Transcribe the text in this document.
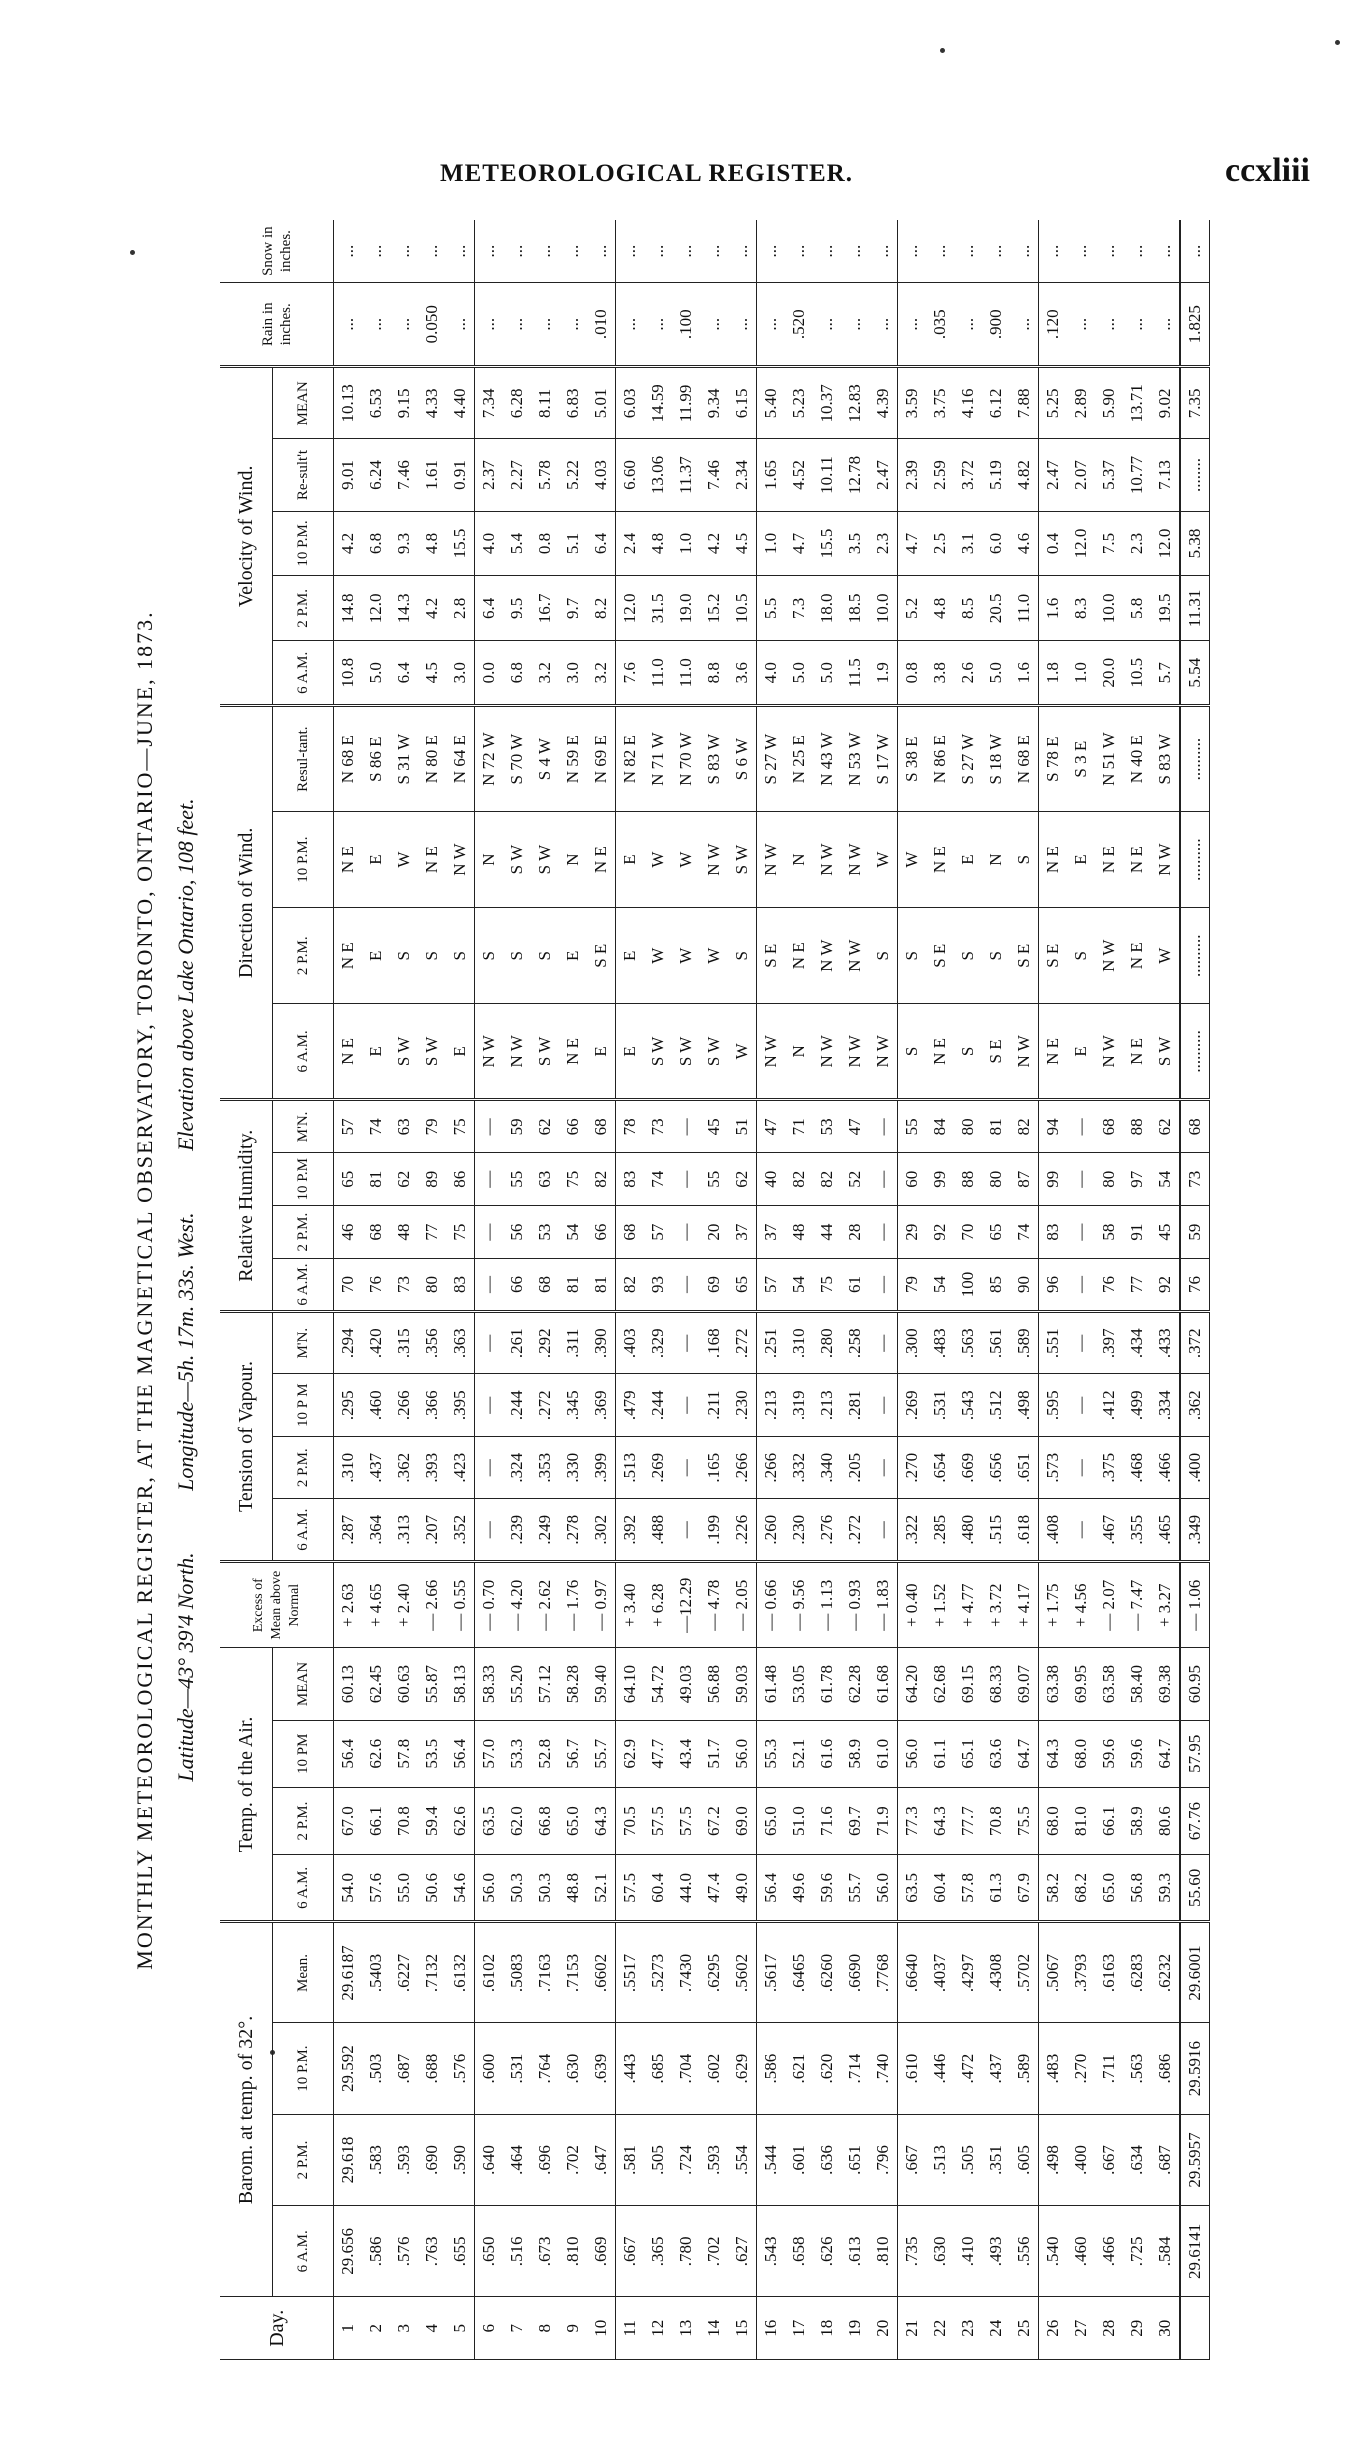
METEOROLOGICAL REGISTER.	ccxliii
MONTHLY METEOROLOGICAL REGISTER, AT THE MAGNETICAL OBSERVATORY, TORONTO, ONTARIO—JUNE, 1873. Latitude—43° 39'4 North. Longitude—5h. 17m. 33s. West. Elevation above Lake Ontario, 108 feet.
Day.	Barom. at temp. of 32°.				Temp. of the Air.				Excess of Mean above Normal	Tension of Vapour.				Relative Humidity.				Direction of Wind.				Velocity of Wind.					Rain in inches.	Snow in inches.
	6 A.M.	2 P.M.	10 P.M.	Mean.	6 A.M.	2 P.M.	10 PM	MEAN		6 A.M.	2 P.M.	10 P M	M'N.	6 A.M.	2 P.M.	10 P.M	M'N.	6 A.M.	2 P.M.	10 P.M.	Resul-tant.	6 A.M.	2 P.M.	10 P.M.	Re-sult't	MEAN		
1	29.656	29.618	29.592	29.6187	54.0	67.0	56.4	60.13	+ 2.63	.287	.310	.295	.294	70	46	65	57	N E	N E	N E	N 68 E	10.8	14.8	4.2	9.01	10.13	...	...
2	.586	.583	.503	.5403	57.6	66.1	62.6	62.45	+ 4.65	.364	.437	.460	.420	76	68	81	74	E	E	E	S 86 E	5.0	12.0	6.8	6.24	6.53	...	...
3	.576	.593	.687	.6227	55.0	70.8	57.8	60.63	+ 2.40	.313	.362	.266	.315	73	48	62	63	S W	S	W	S 31 W	6.4	14.3	9.3	7.46	9.15	...	...
4	.763	.690	.688	.7132	50.6	59.4	53.5	55.87	— 2.66	.207	.393	.366	.356	80	77	89	79	S W	S	N E	N 80 E	4.5	4.2	4.8	1.61	4.33	0.050	...
5	.655	.590	.576	.6132	54.6	62.6	56.4	58.13	— 0.55	.352	.423	.395	.363	83	75	86	75	E	S	N W	N 64 E	3.0	2.8	15.5	0.91	4.40	...	...
6	.650	.640	.600	.6102	56.0	63.5	57.0	58.33	— 0.70	—	—	—	—	—	—	—	—	N W	S	N	N 72 W	0.0	6.4	4.0	2.37	7.34	...	...
7	.516	.464	.531	.5083	50.3	62.0	53.3	55.20	— 4.20	.239	.324	.244	.261	66	56	55	59	N W	S	S W	S 70 W	6.8	9.5	5.4	2.27	6.28	...	...
8	.673	.696	.764	.7163	50.3	66.8	52.8	57.12	— 2.62	.249	.353	.272	.292	68	53	63	62	S W	S	S W	S 4 W	3.2	16.7	0.8	5.78	8.11	...	...
9	.810	.702	.630	.7153	48.8	65.0	56.7	58.28	— 1.76	.278	.330	.345	.311	81	54	75	66	N E	E	N	N 59 E	3.0	9.7	5.1	5.22	6.83	...	...
10	.669	.647	.639	.6602	52.1	64.3	55.7	59.40	— 0.97	.302	.399	.369	.390	81	66	82	68	E	S E	N E	N 69 E	3.2	8.2	6.4	4.03	5.01	.010	...
11	.667	.581	.443	.5517	57.5	70.5	62.9	64.10	+ 3.40	.392	.513	.479	.403	82	68	83	78	E	E	E	N 82 E	7.6	12.0	2.4	6.60	6.03	...	...
12	.365	.505	.685	.5273	60.4	57.5	47.7	54.72	+ 6.28	.488	.269	.244	.329	93	57	74	73	S W	W	W	N 71 W	11.0	31.5	4.8	13.06	14.59	...	...
13	.780	.724	.704	.7430	44.0	57.5	43.4	49.03	—12.29	—	—	—	—	—	—	—	—	S W	W	W	N 70 W	11.0	19.0	1.0	11.37	11.99	.100	...
14	.702	.593	.602	.6295	47.4	67.2	51.7	56.88	— 4.78	.199	.165	.211	.168	69	20	55	45	S W	W	N W	S 83 W	8.8	15.2	4.2	7.46	9.34	...	...
15	.627	.554	.629	.5602	49.0	69.0	56.0	59.03	— 2.05	.226	.266	.230	.272	65	37	62	51	W	S	S W	S 6 W	3.6	10.5	4.5	2.34	6.15	...	...
16	.543	.544	.586	.5617	56.4	65.0	55.3	61.48	— 0.66	.260	.266	.213	.251	57	37	40	47	N W	S E	N W	S 27 W	4.0	5.5	1.0	1.65	5.40	...	...
17	.658	.601	.621	.6465	49.6	51.0	52.1	53.05	— 9.56	.230	.332	.319	.310	54	48	82	71	N	N E	N	N 25 E	5.0	7.3	4.7	4.52	5.23	.520	...
18	.626	.636	.620	.6260	59.6	71.6	61.6	61.78	— 1.13	.276	.340	.213	.280	75	44	82	53	N W	N W	N W	N 43 W	5.0	18.0	15.5	10.11	10.37	...	...
19	.613	.651	.714	.6690	55.7	69.7	58.9	62.28	— 0.93	.272	.205	.281	.258	61	28	52	47	N W	N W	N W	N 53 W	11.5	18.5	3.5	12.78	12.83	...	...
20	.810	.796	.740	.7768	56.0	71.9	61.0	61.68	— 1.83	—	—	—	—	—	—	—	—	N W	S	W	S 17 W	1.9	10.0	2.3	2.47	4.39	...	...
21	.735	.667	.610	.6640	63.5	77.3	56.0	64.20	+ 0.40	.322	.270	.269	.300	79	29	60	55	S	S	W	S 38 E	0.8	5.2	4.7	2.39	3.59	...	...
22	.630	.513	.446	.4037	60.4	64.3	61.1	62.68	+ 1.52	.285	.654	.531	.483	54	92	99	84	N E	S E	N E	N 86 E	3.8	4.8	2.5	2.59	3.75	.035	...
23	.410	.505	.472	.4297	57.8	77.7	65.1	69.15	+ 4.77	.480	.669	.543	.563	100	70	88	80	S	S	E	S 27 W	2.6	8.5	3.1	3.72	4.16	...	...
24	.493	.351	.437	.4308	61.3	70.8	63.6	68.33	+ 3.72	.515	.656	.512	.561	85	65	80	81	S E	S	N	S 18 W	5.0	20.5	6.0	5.19	6.12	.900	...
25	.556	.605	.589	.5702	67.9	75.5	64.7	69.07	+ 4.17	.618	.651	.498	.589	90	74	87	82	N W	S E	S	N 68 E	1.6	11.0	4.6	4.82	7.88	...	...
26	.540	.498	.483	.5067	58.2	68.0	64.3	63.38	+ 1.75	.408	.573	.595	.551	96	83	99	94	N E	S E	N E	S 78 E	1.8	1.6	0.4	2.47	5.25	.120	...
27	.460	.400	.270	.3793	68.2	81.0	68.0	69.95	+ 4.56	—	—	—	—	—	—	—	—	E	S	E	S 3 E	1.0	8.3	12.0	2.07	2.89	...	...
28	.466	.667	.711	.6163	65.0	66.1	59.6	63.58	— 2.07	.467	.375	.412	.397	76	58	80	68	N W	N W	N E	N 51 W	20.0	10.0	7.5	5.37	5.90	...	...
29	.725	.634	.563	.6283	56.8	58.9	59.6	58.40	— 7.47	.355	.468	.499	.434	77	91	97	88	N E	N E	N E	N 40 E	10.5	5.8	2.3	10.77	13.71	...	...
30	.584	.687	.686	.6232	59.3	80.6	64.7	69.38	+ 3.27	.465	.466	.334	.433	92	45	54	62	S W	W	N W	S 83 W	5.7	19.5	12.0	7.13	9.02	...	...
	29.6141	29.5957	29.5916	29.6001	55.60	67.76	57.95	60.95	— 1.06	.349	.400	.362	.372	76	59	73	68	..........	..........	..........	..........	5.54	11.31	5.38	........	7.35	1.825	...
